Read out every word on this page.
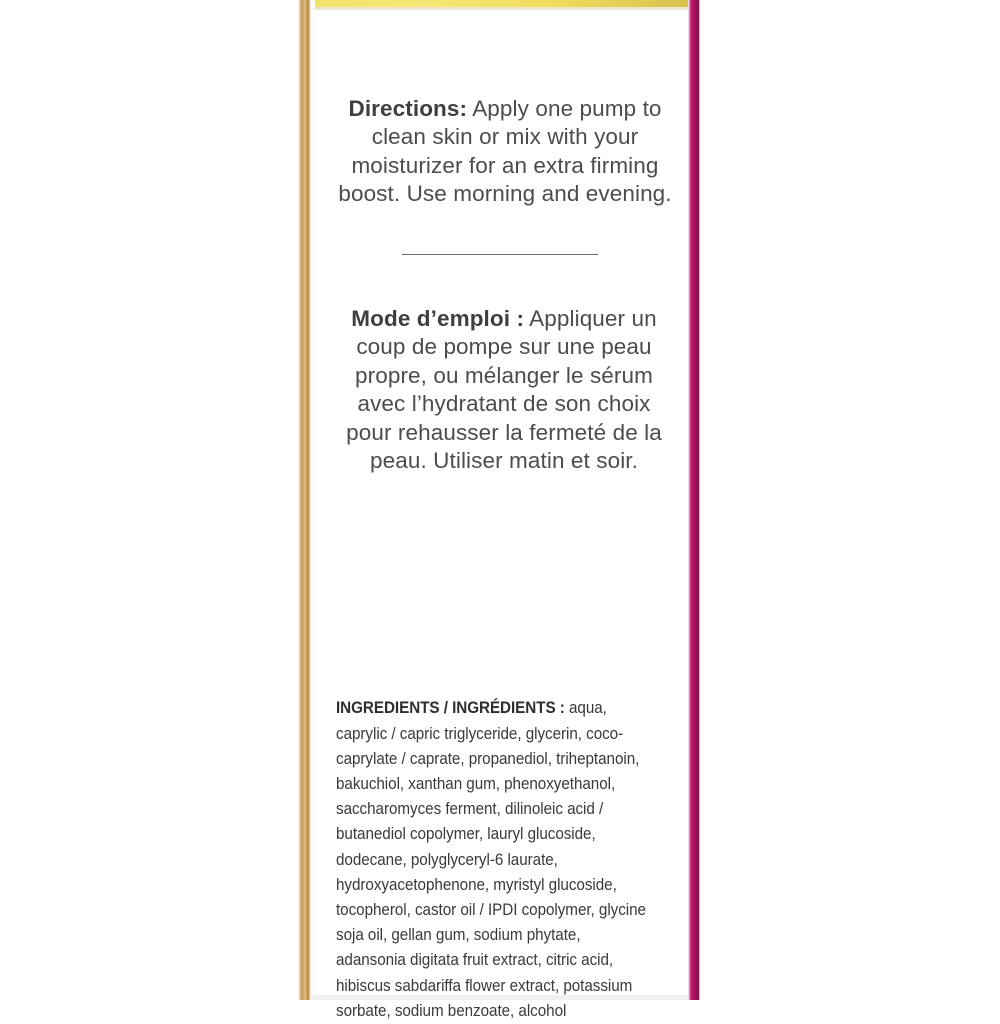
Directions: Apply one pump to clean skin or mix with your moisturizer for an extra firming boost. Use morning and evening.

Mode d’emploi : Appliquer un coup de pompe sur une peau propre, ou mélanger le sérum avec l’hydratant de son choix pour rehausser la fermeté de la peau. Utiliser matin et soir.

INGREDIENTS / INGRÉDIENTS : aqua, caprylic / capric triglyceride, glycerin, coco-caprylate / caprate, propanediol, triheptanoin, bakuchiol, xanthan gum, phenoxyethanol, saccharomyces ferment, dilinoleic acid / butanediol copolymer, lauryl glucoside, dodecane, polyglyceryl-6 laurate, hydroxyacetophenone, myristyl glucoside, tocopherol, castor oil / IPDI copolymer, glycine soja oil, gellan gum, sodium phytate, adansonia digitata fruit extract, citric acid, hibiscus sabdariffa flower extract, potassium sorbate, sodium benzoate, alcohol
